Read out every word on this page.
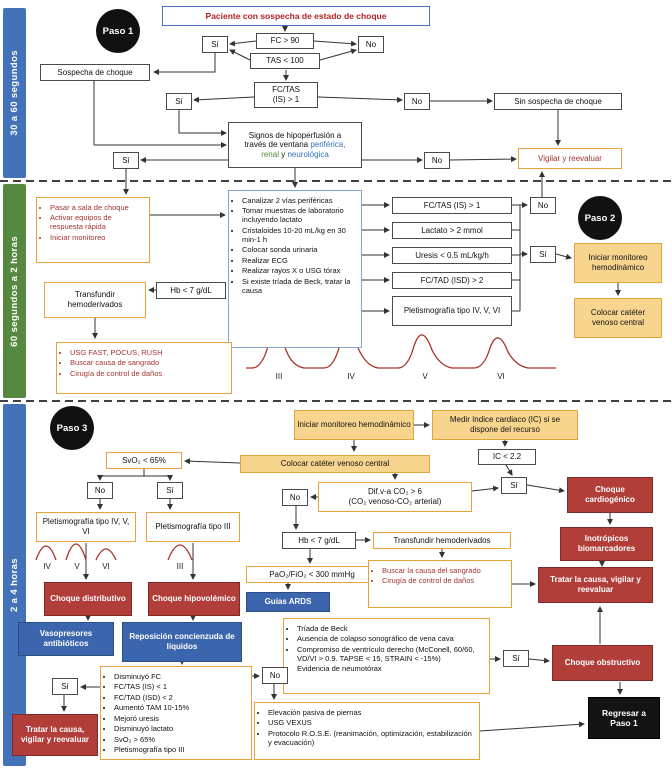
30 a 60 segundos
60 segundos a 2 horas
2 a 4 horas
Paso 1
Paciente con sospecha de estado de choque
Sí	FC > 90
TAS < 100
No
Sospecha de choque
FC/TAS
(IS) > 1
Sí	No	Sin sospecha de choque
Signos de hipoperfusión a
través de ventana periférica,
renal y neurológica
Sí	No	Vigilar y reevaluar
• Pasar a sala de choque
• Activar equipos de respuesta rápida
• Iniciar monitoreo
• Canalizar 2 vías periféricas
• Tomar muestras de laboratorio incluyendo lactato
• Cristaloides 10-20 mL/kg en 30 min-1 h
• Colocar sonda urinaria
• Realizar ECG
• Realizar rayos X o USG tórax
• Si existe tríada de Beck, tratar la causa
FC/TAS (IS) > 1
Lactato > 2 mmol
Uresis < 0.5 mL/kg/h
FC/TAD (ISD) > 2
Pletismografía tipo IV, V, VI
No
Paso 2
Sí	Iniciar monitoreo hemodinámico
Colocar catéter venoso central
Transfundir hemoderivados
Hb < 7 g/dL
• USG FAST, POCUS, RUSH
• Buscar causa de sangrado
• Cirugía de control de daños	III	IV	V	VI
Paso 3	Iniciar monitoreo hemodinámico
Medir índice cardiaco (IC) si se dispone del recurso
SvO₂ < 65%	Colocar catéter venoso central
IC < 2.2
No	Sí	Dif.v-a CO₂ > 6
(CO₂ venoso-CO₂ arterial)
No
Sí
Choque cardiogénico
Pletismografía tipo IV, V, VI
Pletismografía tipo III
IV	V	VI	III
Hb < 7 g/dL	Transfundir hemoderivados	Inotrópicos biomarcadores
PaO₂/FiO₂ < 300 mmHg	• Buscar la causa del sangrado
• Cirugía de control de daños	Tratar la causa, vigilar y reevaluar
Guías ARDS
Choque distributivo	Choque hipovolémico
Vasopresores antibióticos
Reposición concienzuda de líquidos
• Tríada de Beck
• Ausencia de colapso sonográfico de vena cava
• Compromiso de ventrículo derecho (McConell, 60/60, VD/VI > 0.9. TAPSE < 15, STRAIN < -15%)
• Evidencia de neumotórax
Sí	Choque obstructivo
• Disminuyó FC
• FC/TAS (IS) < 1
• FC/TAD (ISD) < 2
• Aumentó TAM 10-15%
• Mejoró uresis
• Disminuyó lactato
• SvO₂ > 65%
• Pletismografía tipo III
Sí
No
Tratar la causa, vigilar y reevaluar
• Elevación pasiva de piernas
• USG VEXUS
• Protocolo R.O.S.E. (reanimación, optimización, estabilización y evacuación)
Regresar a Paso 1
